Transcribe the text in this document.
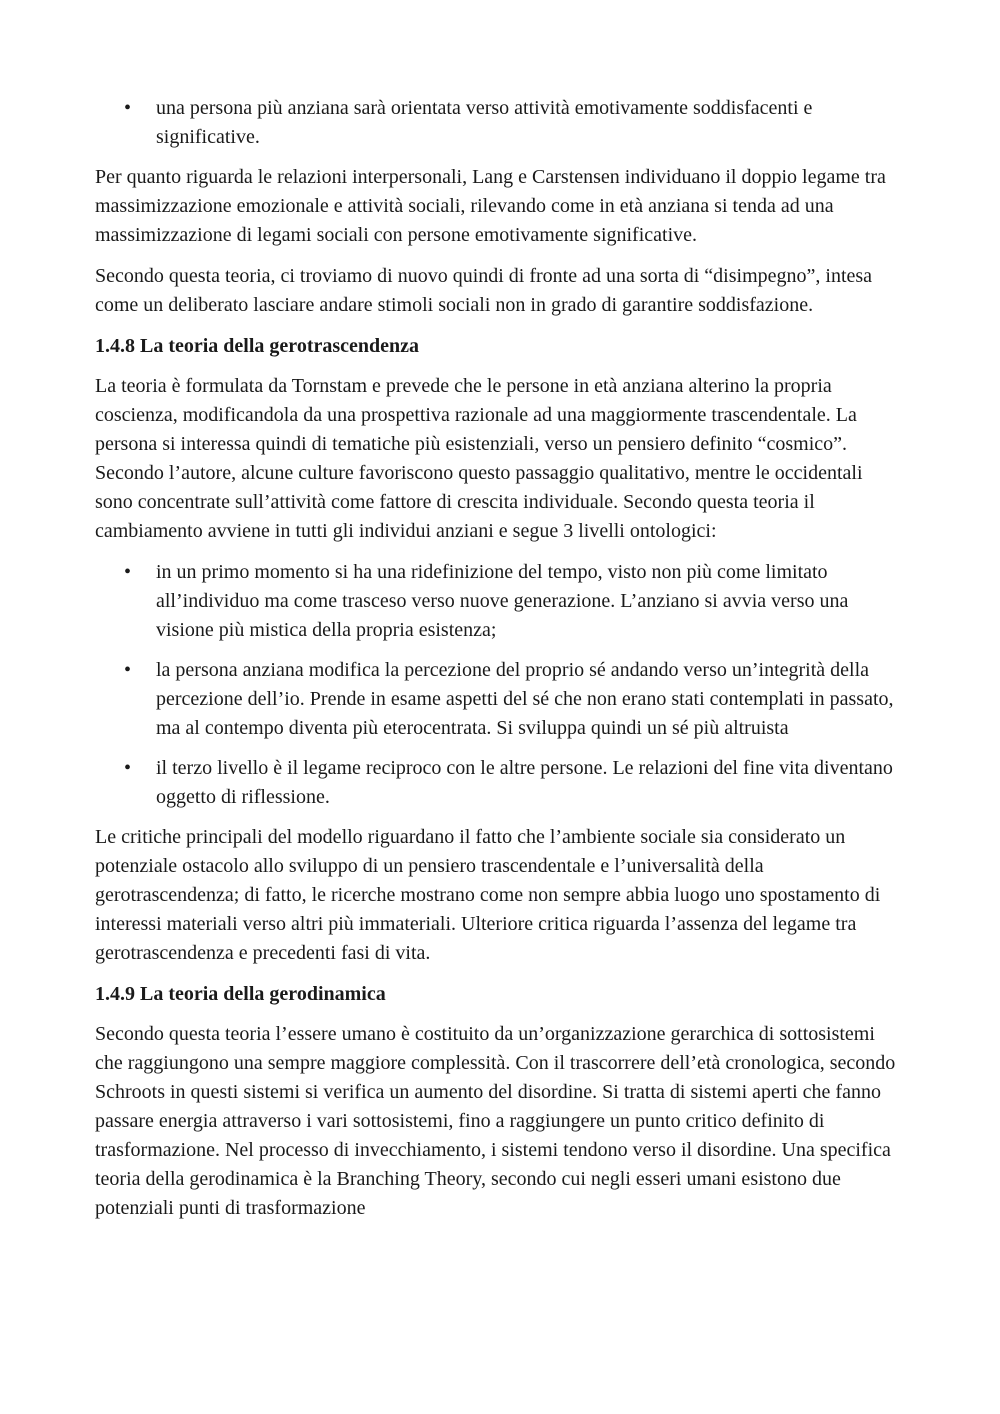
• una persona più anziana sarà orientata verso attività emotivamente soddisfacenti e significative.

Per quanto riguarda le relazioni interpersonali, Lang e Carstensen individuano il doppio legame tra massimizzazione emozionale e attività sociali, rilevando come in età anziana si tenda ad una massimizzazione di legami sociali con persone emotivamente significative.

Secondo questa teoria, ci troviamo di nuovo quindi di fronte ad una sorta di “disimpegno”, intesa come un deliberato lasciare andare stimoli sociali non in grado di garantire soddisfazione.

1.4.8 La teoria della gerotrascendenza

La teoria è formulata da Tornstam e prevede che le persone in età anziana alterino la propria coscienza, modificandola da una prospettiva razionale ad una maggiormente trascendentale. La persona si interessa quindi di tematiche più esistenziali, verso un pensiero definito “cosmico”. Secondo l’autore, alcune culture favoriscono questo passaggio qualitativo, mentre le occidentali sono concentrate sull’attività come fattore di crescita individuale. Secondo questa teoria il cambiamento avviene in tutti gli individui anziani e segue 3 livelli ontologici:

• in un primo momento si ha una ridefinizione del tempo, visto non più come limitato all’individuo ma come trasceso verso nuove generazione. L’anziano si avvia verso una visione più mistica della propria esistenza;
• la persona anziana modifica la percezione del proprio sé andando verso un’integrità della percezione dell’io. Prende in esame aspetti del sé che non erano stati contemplati in passato, ma al contempo diventa più eterocentrata. Si sviluppa quindi un sé più altruista
• il terzo livello è il legame reciproco con le altre persone. Le relazioni del fine vita diventano oggetto di riflessione.

Le critiche principali del modello riguardano il fatto che l’ambiente sociale sia considerato un potenziale ostacolo allo sviluppo di un pensiero trascendentale e l’universalità della gerotrascendenza; di fatto, le ricerche mostrano come non sempre abbia luogo uno spostamento di interessi materiali verso altri più immateriali. Ulteriore critica riguarda l’assenza del legame tra gerotrascendenza e precedenti fasi di vita.

1.4.9 La teoria della gerodinamica

Secondo questa teoria l’essere umano è costituito da un’organizzazione gerarchica di sottosistemi che raggiungono una sempre maggiore complessità. Con il trascorrere dell’età cronologica, secondo Schroots in questi sistemi si verifica un aumento del disordine. Si tratta di sistemi aperti che fanno passare energia attraverso i vari sottosistemi, fino a raggiungere un punto critico definito di trasformazione. Nel processo di invecchiamento, i sistemi tendono verso il disordine. Una specifica teoria della gerodinamica è la Branching Theory, secondo cui negli esseri umani esistono due potenziali punti di trasformazione
